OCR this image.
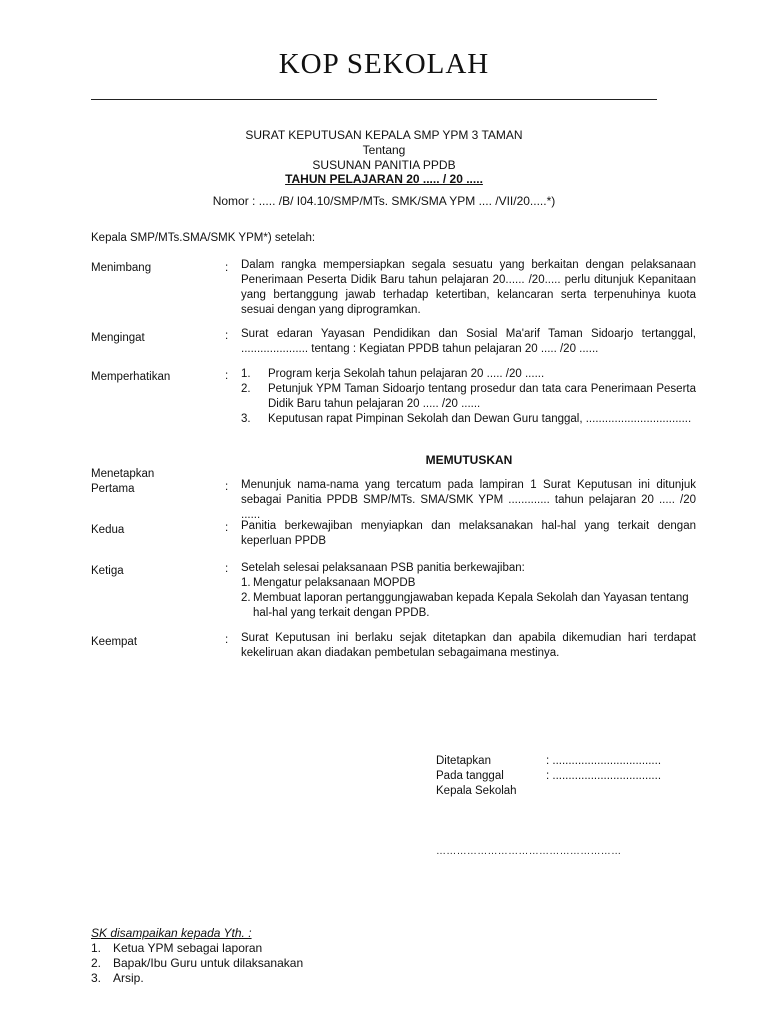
KOP SEKOLAH
SURAT KEPUTUSAN KEPALA SMP YPM 3 TAMAN
Tentang
SUSUNAN PANITIA PPDB
TAHUN PELAJARAN 20 ..... / 20 .....
Nomor : ..... /B/ I04.10/SMP/MTs. SMK/SMA YPM .... /VII/20.....*)
Kepala SMP/MTs.SMA/SMK YPM*) setelah:
Menimbang	: Dalam rangka mempersiapkan segala sesuatu yang berkaitan dengan pelaksanaan Penerimaan Peserta Didik Baru tahun pelajaran 20...... /20..... perlu ditunjuk Kepanitaan yang bertanggung jawab terhadap ketertiban, kelancaran serta terpenuhinya kuota sesuai dengan yang diprogramkan.
Mengingat	: Surat edaran Yayasan Pendidikan dan Sosial Ma'arif Taman Sidoarjo tertanggal, ..................... tentang : Kegiatan PPDB tahun pelajaran 20 ..... /20 ......
Memperhatikan	: 1.	Program kerja Sekolah tahun pelajaran 20 ..... /20 ......
2.	Petunjuk YPM Taman Sidoarjo tentang prosedur dan tata cara Penerimaan Peserta Didik Baru tahun pelajaran 20 ..... /20 ......
3.	Keputusan rapat Pimpinan Sekolah dan Dewan Guru tanggal, .................................
MEMUTUSKAN
Menetapkan
Pertama	: Menunjuk nama-nama yang tercatum pada lampiran 1 Surat Keputusan ini ditunjuk sebagai Panitia PPDB SMP/MTs. SMA/SMK YPM ............. tahun pelajaran 20 ..... /20 ......
Kedua	: Panitia berkewajiban menyiapkan dan melaksanakan hal-hal yang terkait dengan keperluan PPDB
Ketiga	: Setelah selesai pelaksanaan PSB panitia berkewajiban:
1. Mengatur pelaksanaan MOPDB
2. Membuat laporan pertanggungjawaban kepada Kepala Sekolah dan Yayasan tentang
hal-hal yang terkait dengan PPDB.
Keempat	: Surat Keputusan ini berlaku sejak ditetapkan dan apabila dikemudian hari terdapat kekeliruan akan diadakan pembetulan sebagaimana mestinya.
Ditetapkan	: ..................................
Pada tanggal	: ..................................
Kepala Sekolah
………………………………………………
SK disampaikan kepada Yth. :
1. Ketua YPM sebagai laporan
2. Bapak/Ibu Guru untuk dilaksanakan
3. Arsip.
